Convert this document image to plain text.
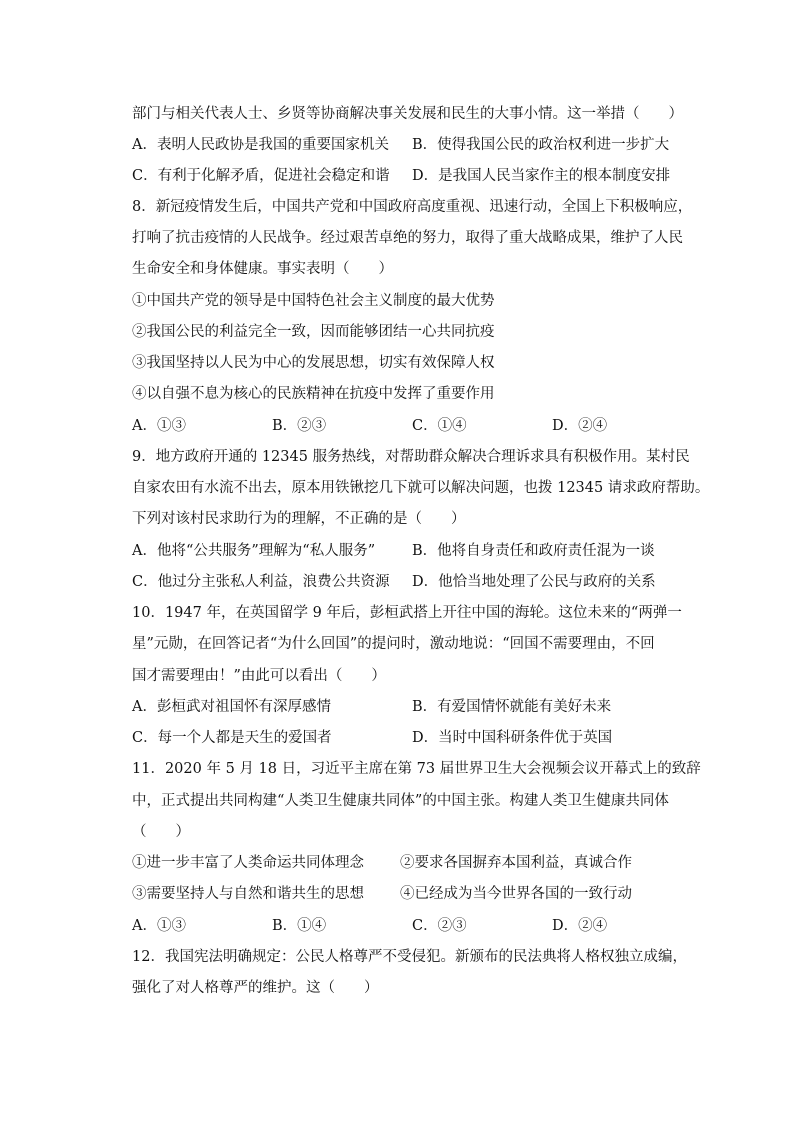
部门与相关代表人士、乡贤等协商解决事关发展和民生的大事小情。这一举措（　　）
A．表明人民政协是我国的重要国家机关 B．使得我国公民的政治权利进一步扩大
C．有利于化解矛盾，促进社会稳定和谐 D．是我国人民当家作主的根本制度安排
8．新冠疫情发生后，中国共产党和中国政府高度重视、迅速行动，全国上下积极响应，
打响了抗击疫情的人民战争。经过艰苦卓绝的努力，取得了重大战略成果，维护了人民
生命安全和身体健康。事实表明（　　）
①中国共产党的领导是中国特色社会主义制度的最大优势
②我国公民的利益完全一致，因而能够团结一心共同抗疫
③我国坚持以人民为中心的发展思想，切实有效保障人权
④以自强不息为核心的民族精神在抗疫中发挥了重要作用
A．①③	B．②③	C．①④	D．②④
9．地方政府开通的 12345 服务热线，对帮助群众解决合理诉求具有积极作用。某村民
自家农田有水流不出去，原本用铁锹挖几下就可以解决问题，也拨 12345 请求政府帮助。
下列对该村民求助行为的理解，不正确的是（　　）
A．他将“公共服务”理解为“私人服务”	B．他将自身责任和政府责任混为一谈
C．他过分主张私人利益，浪费公共资源 D．他恰当地处理了公民与政府的关系
10．1947 年，在英国留学 9 年后，彭桓武搭上开往中国的海轮。这位未来的“两弹一
星”元勋，在回答记者“为什么回国”的提问时，激动地说：“回国不需要理由，不回
国才需要理由！”由此可以看出（　　）
A．彭桓武对祖国怀有深厚感情	B．有爱国情怀就能有美好未来
C．每一个人都是天生的爱国者	D．当时中国科研条件优于英国
11．2020 年 5 月 18 日，习近平主席在第 73 届世界卫生大会视频会议开幕式上的致辞
中，正式提出共同构建“人类卫生健康共同体”的中国主张。构建人类卫生健康共同体
（　　）
①进一步丰富了人类命运共同体理念 ②要求各国摒弃本国利益，真诚合作
③需要坚持人与自然和谐共生的思想 ④已经成为当今世界各国的一致行动
A．①③	B．①④	C．②③	D．②④
12．我国宪法明确规定：公民人格尊严不受侵犯。新颁布的民法典将人格权独立成编，
强化了对人格尊严的维护。这（　　）
